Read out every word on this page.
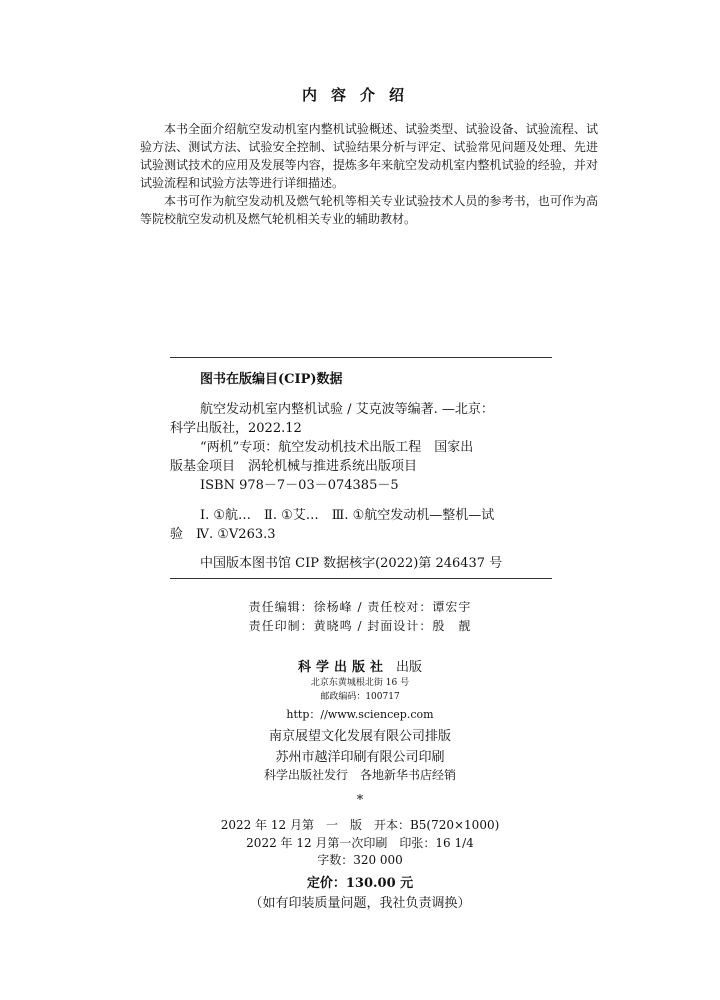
内容介绍

本书全面介绍航空发动机室内整机试验概述、试验类型、试验设备、试验流程、试验方法、测试方法、试验安全控制、试验结果分析与评定、试验常见问题及处理、先进试验测试技术的应用及发展等内容，提炼多年来航空发动机室内整机试验的经验，并对试验流程和试验方法等进行详细描述。

本书可作为航空发动机及燃气轮机等相关专业试验技术人员的参考书，也可作为高等院校航空发动机及燃气轮机相关专业的辅助教材。

图书在版编目(CIP)数据

航空发动机室内整机试验 / 艾克波等编著. —北京：

科学出版社，2022.12

“两机”专项：航空发动机技术出版工程　国家出

版基金项目　涡轮机械与推进系统出版项目

ISBN 978－7－03－074385－5

Ⅰ. ①航…　Ⅱ. ①艾…　Ⅲ. ①航空发动机—整机—试

验　Ⅳ. ①V263.3

中国版本图书馆 CIP 数据核字(2022)第 246437 号

责任编辑：徐杨峰 / 责任校对：谭宏宇
责任印制：黄晓鸣 / 封面设计：殷　靓
科学出版社 出版
北京东黄城根北街 16 号
邮政编码：100717
http：//www.sciencep.com
南京展望文化发展有限公司排版
苏州市越洋印刷有限公司印刷
科学出版社发行　各地新华书店经销
*
2022 年 12 月第　一　版　开本：B5(720×1000)
2022 年 12 月第一次印刷　印张：16 1/4
字数：320 000
定价：130.00 元
（如有印装质量问题，我社负责调换）
